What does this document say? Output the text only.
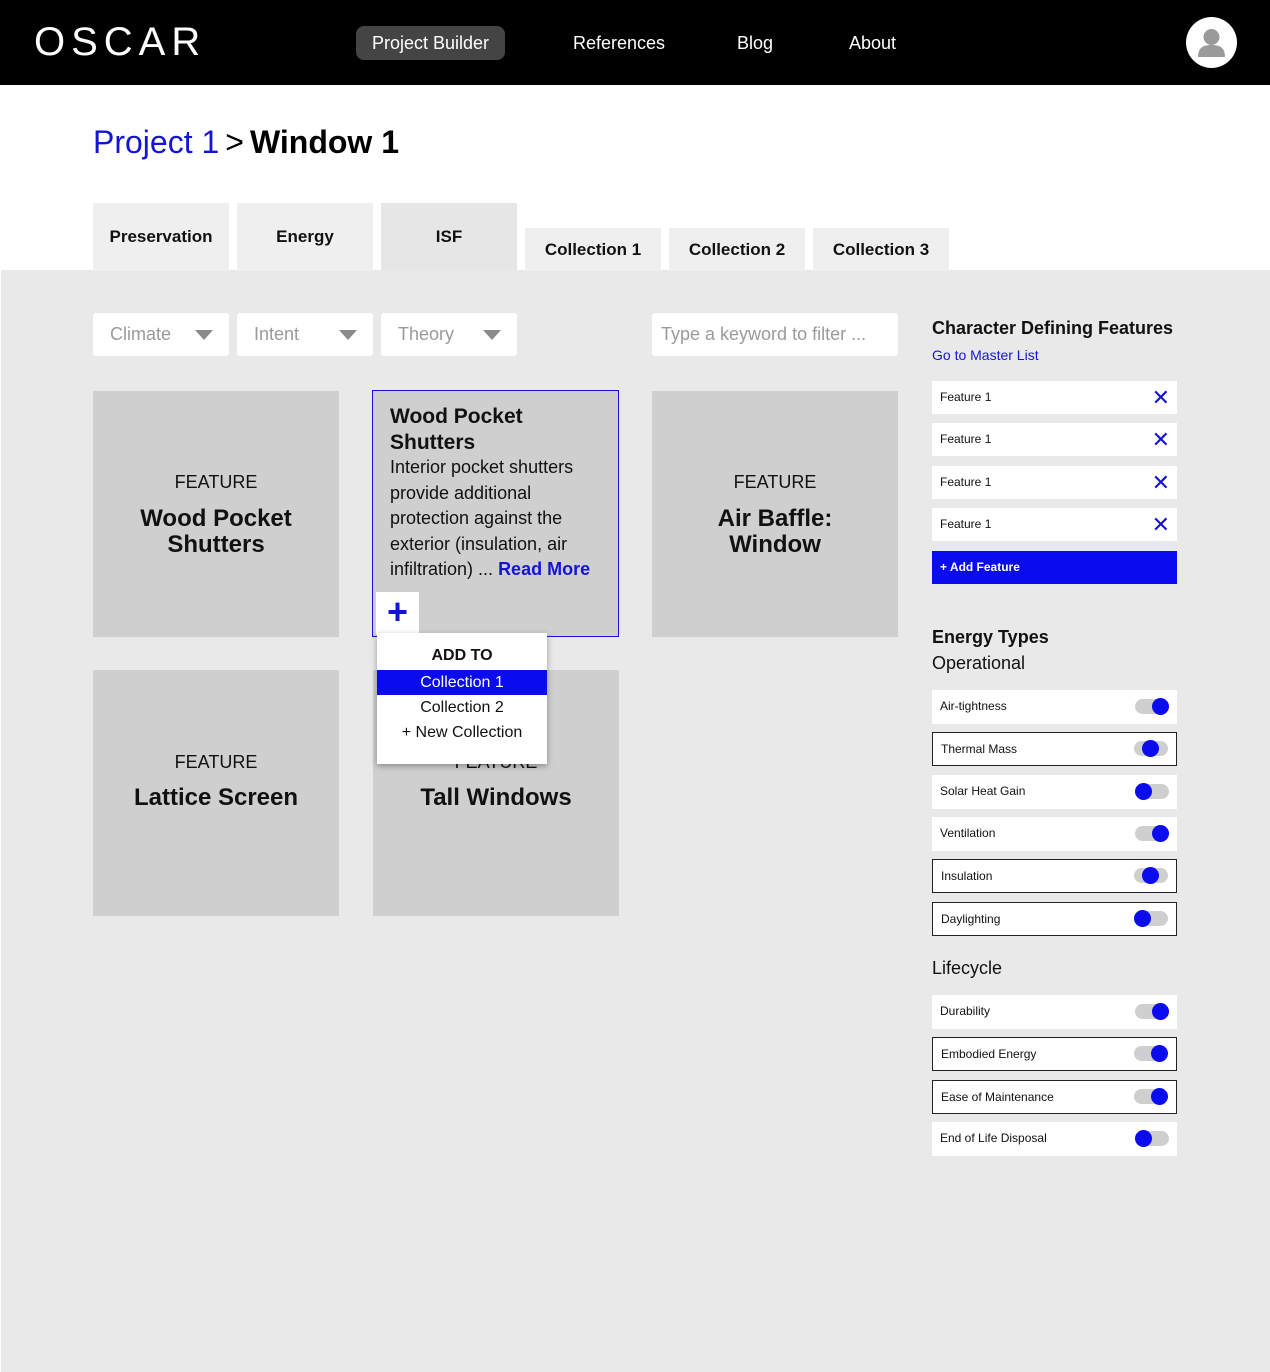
OSCAR	Project Builder	References	Blog	About
Project 1 > Window 1
Preservation	Energy	ISF
Collection 1	Collection 2	Collection 3
Climate	Intent	Theory
Type a keyword to filter ...
FEATURE
Wood Pocket Shutters
Wood Pocket Shutters
Interior pocket shutters provide additional protection against the exterior (insulation, air infiltration) ... Read More
FEATURE
Air Baffle: Window
FEATURE
Lattice Screen	Tall Windows
+
ADD TO
Collection 1
Collection 2
+ New Collection
Character Defining Features
Go to Master List
Feature 1	✕
Feature 1	✕
Feature 1	✕
Feature 1	✕
+ Add Feature
Energy Types
Operational
Air-tightness
Thermal Mass
Solar Heat Gain
Ventilation
Insulation
Daylighting
Lifecycle
Durability
Embodied Energy
Ease of Maintenance
End of Life Disposal
